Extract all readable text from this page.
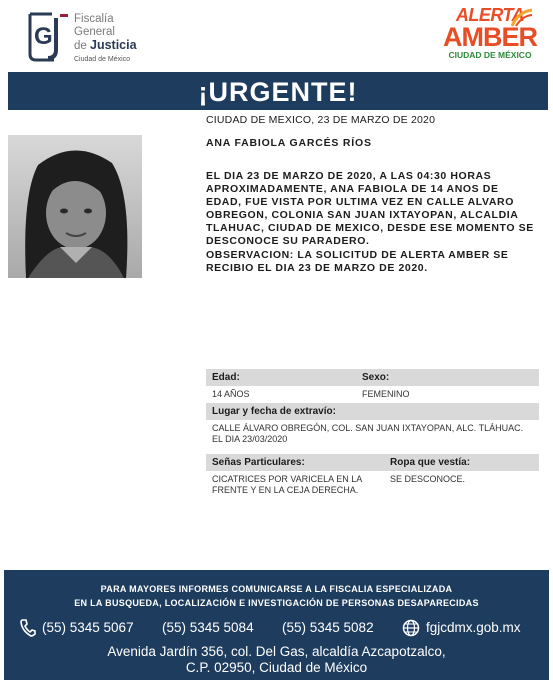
G
Fiscalía
General
de Justicia
Ciudad de México
ALERTA
AMBER
CIUDAD DE MÉXICO
¡URGENTE!
CIUDAD DE MEXICO, 23 DE MARZO DE 2020
ANA FABIOLA GARCÉS RÍOS
EL DIA 23 DE MARZO DE 2020, A LAS 04:30 HORAS APROXIMADAMENTE, ANA FABIOLA DE 14 ANOS DE EDAD, FUE VISTA POR ULTIMA VEZ EN CALLE ALVARO OBREGON, COLONIA SAN JUAN IXTAYOPAN, ALCALDIA TLAHUAC, CIUDAD DE MEXICO, DESDE ESE MOMENTO SE DESCONOCE SU PARADERO.
OBSERVACION: LA SOLICITUD DE ALERTA AMBER SE RECIBIO EL DIA 23 DE MARZO DE 2020.
Edad:	Sexo:
14 AÑOS	FEMENINO
Lugar y fecha de extravío:
CALLE ÁLVARO OBREGÓN, COL. SAN JUAN IXTAYOPAN, ALC. TLÁHUAC. EL DIA 23/03/2020
Señas Particulares:	Ropa que vestía:
CICATRICES POR VARICELA EN LA FRENTE Y EN LA CEJA DERECHA.
SE DESCONOCE.
PARA MAYORES INFORMES COMUNICARSE A LA FISCALIA ESPECIALIZADA
EN LA BUSQUEDA, LOCALIZACIÓN E INVESTIGACIÓN DE PERSONAS DESAPARECIDAS
(55) 5345 5067 (55) 5345 5084 (55) 5345 5082	fgjcdmx.gob.mx
Avenida Jardín 356, col. Del Gas, alcaldía Azcapotzalco,
C.P. 02950, Ciudad de México
